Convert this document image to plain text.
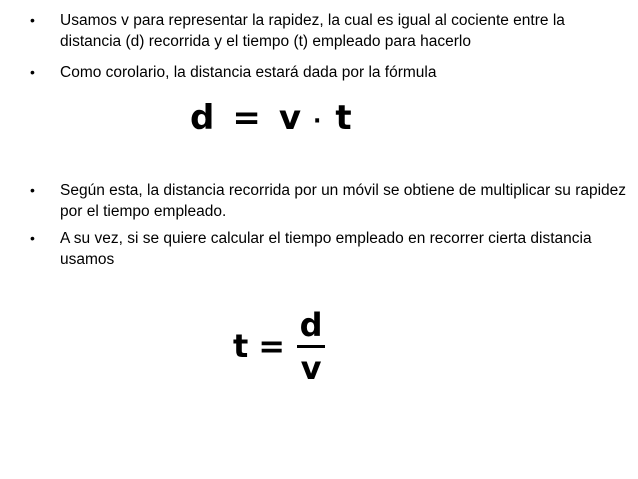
• Usamos v para representar la rapidez, la cual es igual al cociente entre la distancia (d) recorrida y el tiempo (t) empleado para hacerlo

• Como corolario, la distancia estará dada por la fórmula

d = v · t

• Según esta, la distancia recorrida por un móvil se obtiene de multiplicar su rapidez por el tiempo empleado.

• A su vez, si se quiere calcular el tiempo empleado en recorrer cierta distancia usamos

$t = \frac{d}{v}$
